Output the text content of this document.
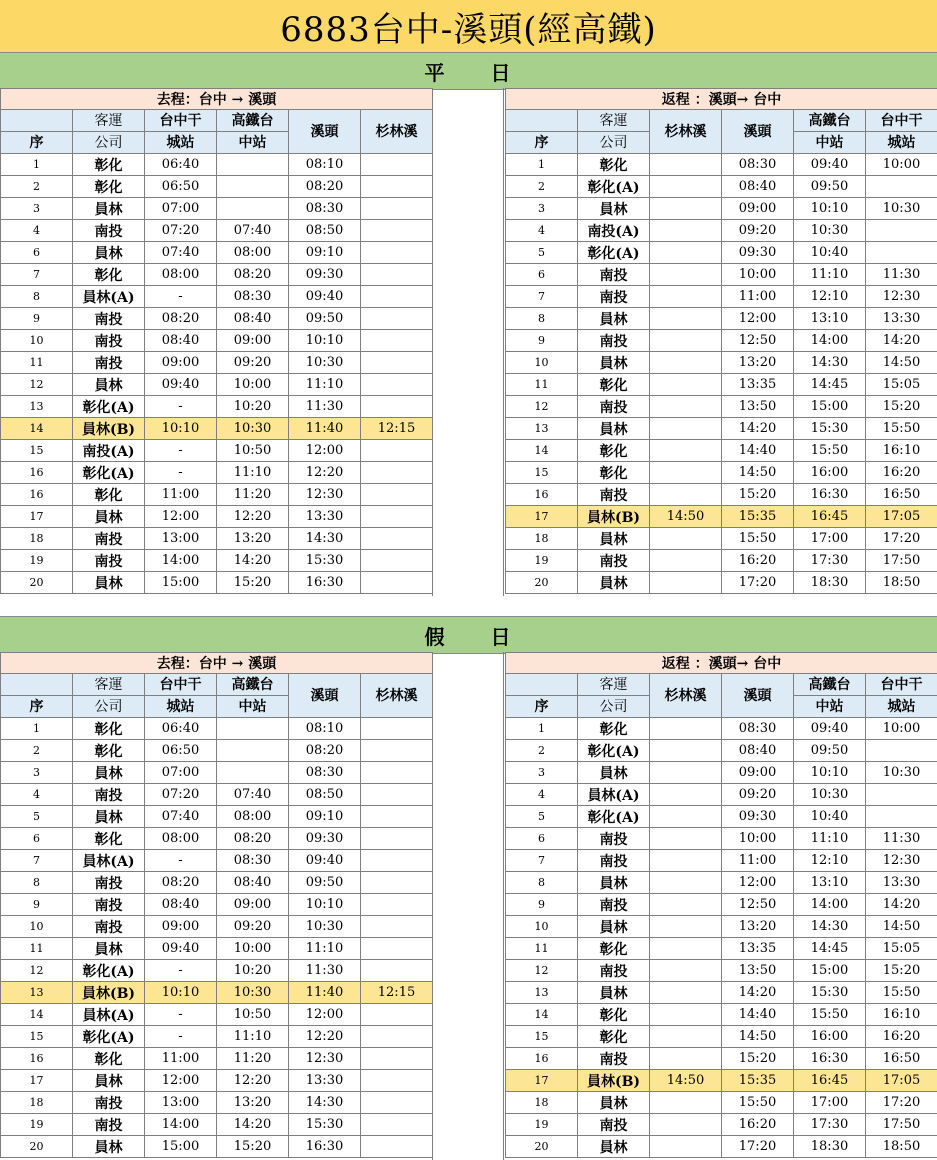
6883台中-溪頭(經高鐵)
平 日
去程：台中 → 溪頭					
	客運	台中干	高鐵台	溪頭	杉林溪
序	公司	城站	中站		
1	彰化	06:40		08:10	
2	彰化	06:50		08:20	
3	員林	07:00		08:30	
4	南投	07:20	07:40	08:50	
6	員林	07:40	08:00	09:10	
7	彰化	08:00	08:20	09:30	
8	員林(A)	-	08:30	09:40	
9	南投	08:20	08:40	09:50	
10	南投	08:40	09:00	10:10	
11	南投	09:00	09:20	10:30	
12	員林	09:40	10:00	11:10	
13	彰化(A)	-	10:20	11:30	
14	員林(B)	10:10	10:30	11:40	12:15
15	南投(A)	-	10:50	12:00	
16	彰化(A)	-	11:10	12:20	
16	彰化	11:00	11:20	12:30	
17	員林	12:00	12:20	13:30	
18	南投	13:00	13:20	14:30	
19	南投	14:00	14:20	15:30	
20	員林	15:00	15:20	16:30	
返程 ：溪頭→ 台中					
	客運	杉林溪	溪頭	高鐵台	台中干
序	公司			中站	城站
1	彰化		08:30	09:40	10:00
2	彰化(A)		08:40	09:50	
3	員林		09:00	10:10	10:30
4	南投(A)		09:20	10:30	
5	彰化(A)		09:30	10:40	
6	南投		10:00	11:10	11:30
7	南投		11:00	12:10	12:30
8	員林		12:00	13:10	13:30
9	南投		12:50	14:00	14:20
10	員林		13:20	14:30	14:50
11	彰化		13:35	14:45	15:05
12	南投		13:50	15:00	15:20
13	員林		14:20	15:30	15:50
14	彰化		14:40	15:50	16:10
15	彰化		14:50	16:00	16:20
16	南投		15:20	16:30	16:50
17	員林(B)	14:50	15:35	16:45	17:05
18	員林		15:50	17:00	17:20
19	南投		16:20	17:30	17:50
20	員林		17:20	18:30	18:50
假 日
去程：台中 → 溪頭					
	客運	台中干	高鐵台	溪頭	杉林溪
序	公司	城站	中站		
1	彰化	06:40		08:10	
2	彰化	06:50		08:20	
3	員林	07:00		08:30	
4	南投	07:20	07:40	08:50	
5	員林	07:40	08:00	09:10	
6	彰化	08:00	08:20	09:30	
7	員林(A)	-	08:30	09:40	
8	南投	08:20	08:40	09:50	
9	南投	08:40	09:00	10:10	
10	南投	09:00	09:20	10:30	
11	員林	09:40	10:00	11:10	
12	彰化(A)	-	10:20	11:30	
13	員林(B)	10:10	10:30	11:40	12:15
14	員林(A)	-	10:50	12:00	
15	彰化(A)	-	11:10	12:20	
16	彰化	11:00	11:20	12:30	
17	員林	12:00	12:20	13:30	
18	南投	13:00	13:20	14:30	
19	南投	14:00	14:20	15:30	
20	員林	15:00	15:20	16:30	
返程 ：溪頭→ 台中					
	客運	杉林溪	溪頭	高鐵台	台中干
序	公司			中站	城站
1	彰化		08:30	09:40	10:00
2	彰化(A)		08:40	09:50	
3	員林		09:00	10:10	10:30
4	員林(A)		09:20	10:30	
5	彰化(A)		09:30	10:40	
6	南投		10:00	11:10	11:30
7	南投		11:00	12:10	12:30
8	員林		12:00	13:10	13:30
9	南投		12:50	14:00	14:20
10	員林		13:20	14:30	14:50
11	彰化		13:35	14:45	15:05
12	南投		13:50	15:00	15:20
13	員林		14:20	15:30	15:50
14	彰化		14:40	15:50	16:10
15	彰化		14:50	16:00	16:20
16	南投		15:20	16:30	16:50
17	員林(B)	14:50	15:35	16:45	17:05
18	員林		15:50	17:00	17:20
19	南投		16:20	17:30	17:50
20	員林		17:20	18:30	18:50
